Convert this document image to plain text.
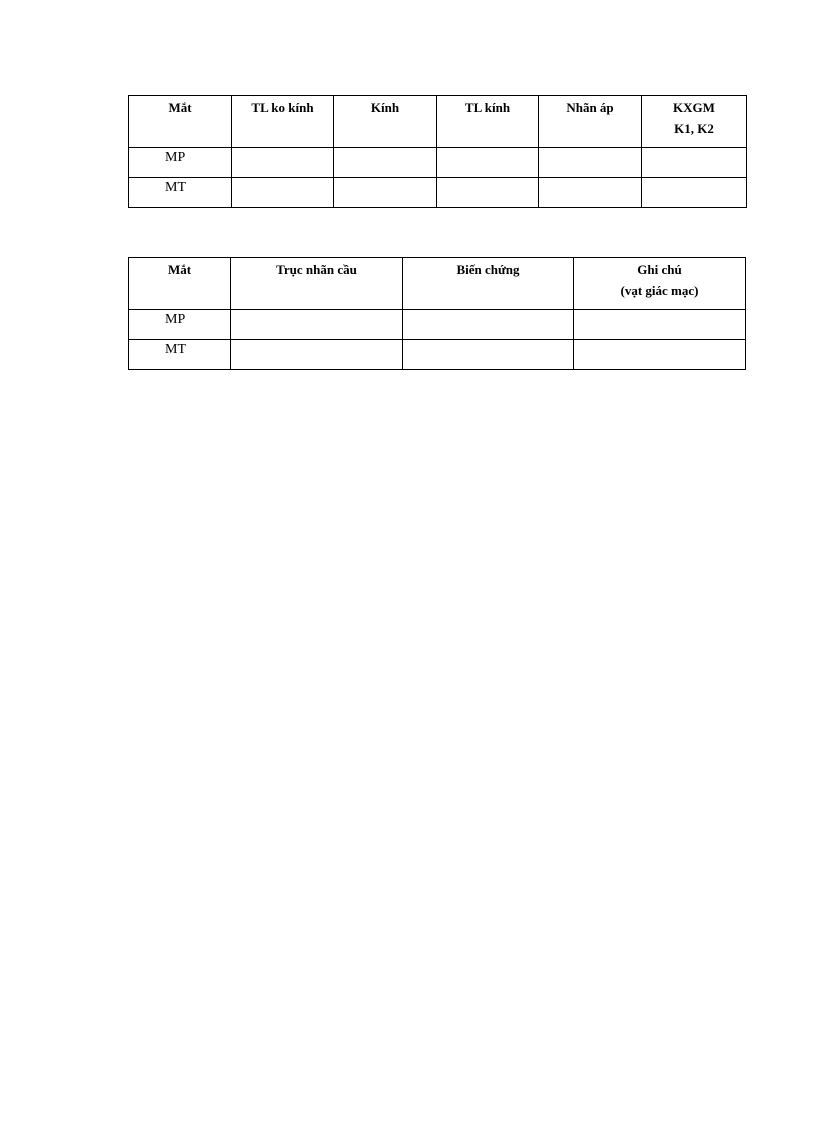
Mắt	TL ko kính	Kính	TL kính	Nhãn áp	KXGM
K1, K2

MP					

MT					

Mắt	Trục nhãn cầu	Biến chứng	Ghi chú
(vạt giác mạc)

MP			

MT			
